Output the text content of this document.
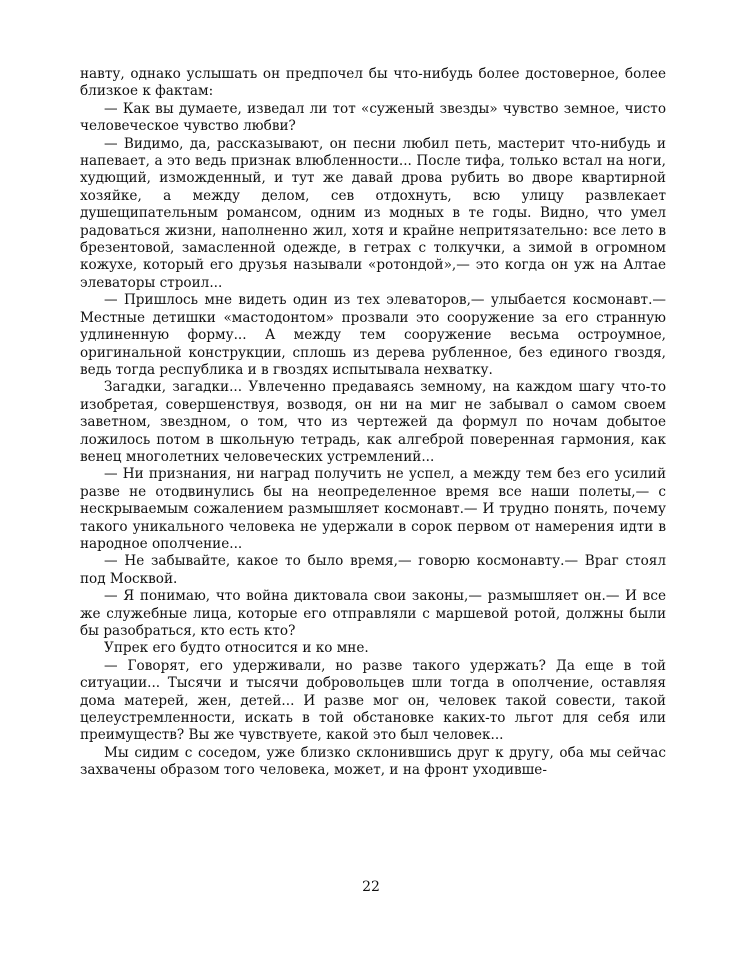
навту, однако услышать он предпочел бы что-нибудь более достоверное, более близкое к фактам:

— Как вы думаете, изведал ли тот «суженый звезды» чувство земное, чисто человеческое чувство любви?

— Видимо, да, рассказывают, он песни любил петь, мастерит что-нибудь и напевает, а это ведь признак влюбленности... После тифа, только встал на ноги, худющий, изможденный, и тут же давай дрова рубить во дворе квартирной хозяйке, а между делом, сев отдохнуть, всю улицу развлекает душещипательным романсом, одним из модных в те годы. Видно, что умел радоваться жизни, наполненно жил, хотя и крайне непритязательно: все лето в брезентовой, замасленной одежде, в гетрах с толкучки, а зимой в огромном кожухе, который его друзья называли «ротондой»,— это когда он уж на Алтае элеваторы строил...

— Пришлось мне видеть один из тех элеваторов,— улыбается космонавт.— Местные детишки «мастодонтом» прозвали это сооружение за его странную удлиненную форму... А между тем сооружение весьма остроумное, оригинальной конструкции, сплошь из дерева рубленное, без единого гвоздя, ведь тогда республика и в гвоздях испытывала нехватку.

Загадки, загадки... Увлеченно предаваясь земному, на каждом шагу что-то изобретая, совершенствуя, возводя, он ни на миг не забывал о самом своем заветном, звездном, о том, что из чертежей да формул по ночам добытое ложилось потом в школьную тетрадь, как алгеброй поверенная гармония, как венец многолетних человеческих устремлений...

— Ни признания, ни наград получить не успел, а между тем без его усилий разве не отодвинулись бы на неопределенное время все наши полеты,— с нескрываемым сожалением размышляет космонавт.— И трудно понять, почему такого уникального человека не удержали в сорок первом от намерения идти в народное ополчение...

— Не забывайте, какое то было время,— говорю космонавту.— Враг стоял под Москвой.

— Я понимаю, что война диктовала свои законы,— размышляет он.— И все же служебные лица, которые его отправляли с маршевой ротой, должны были бы разобраться, кто есть кто?

Упрек его будто относится и ко мне.

— Говорят, его удерживали, но разве такого удержать? Да еще в той ситуации... Тысячи и тысячи добровольцев шли тогда в ополчение, оставляя дома матерей, жен, детей... И разве мог он, человек такой совести, такой целеустремленности, искать в той обстановке каких-то льгот для себя или преимуществ? Вы же чувствуете, какой это был человек...

Мы сидим с соседом, уже близко склонившись друг к другу, оба мы сейчас захвачены образом того человека, может, и на фронт уходивше-

22
